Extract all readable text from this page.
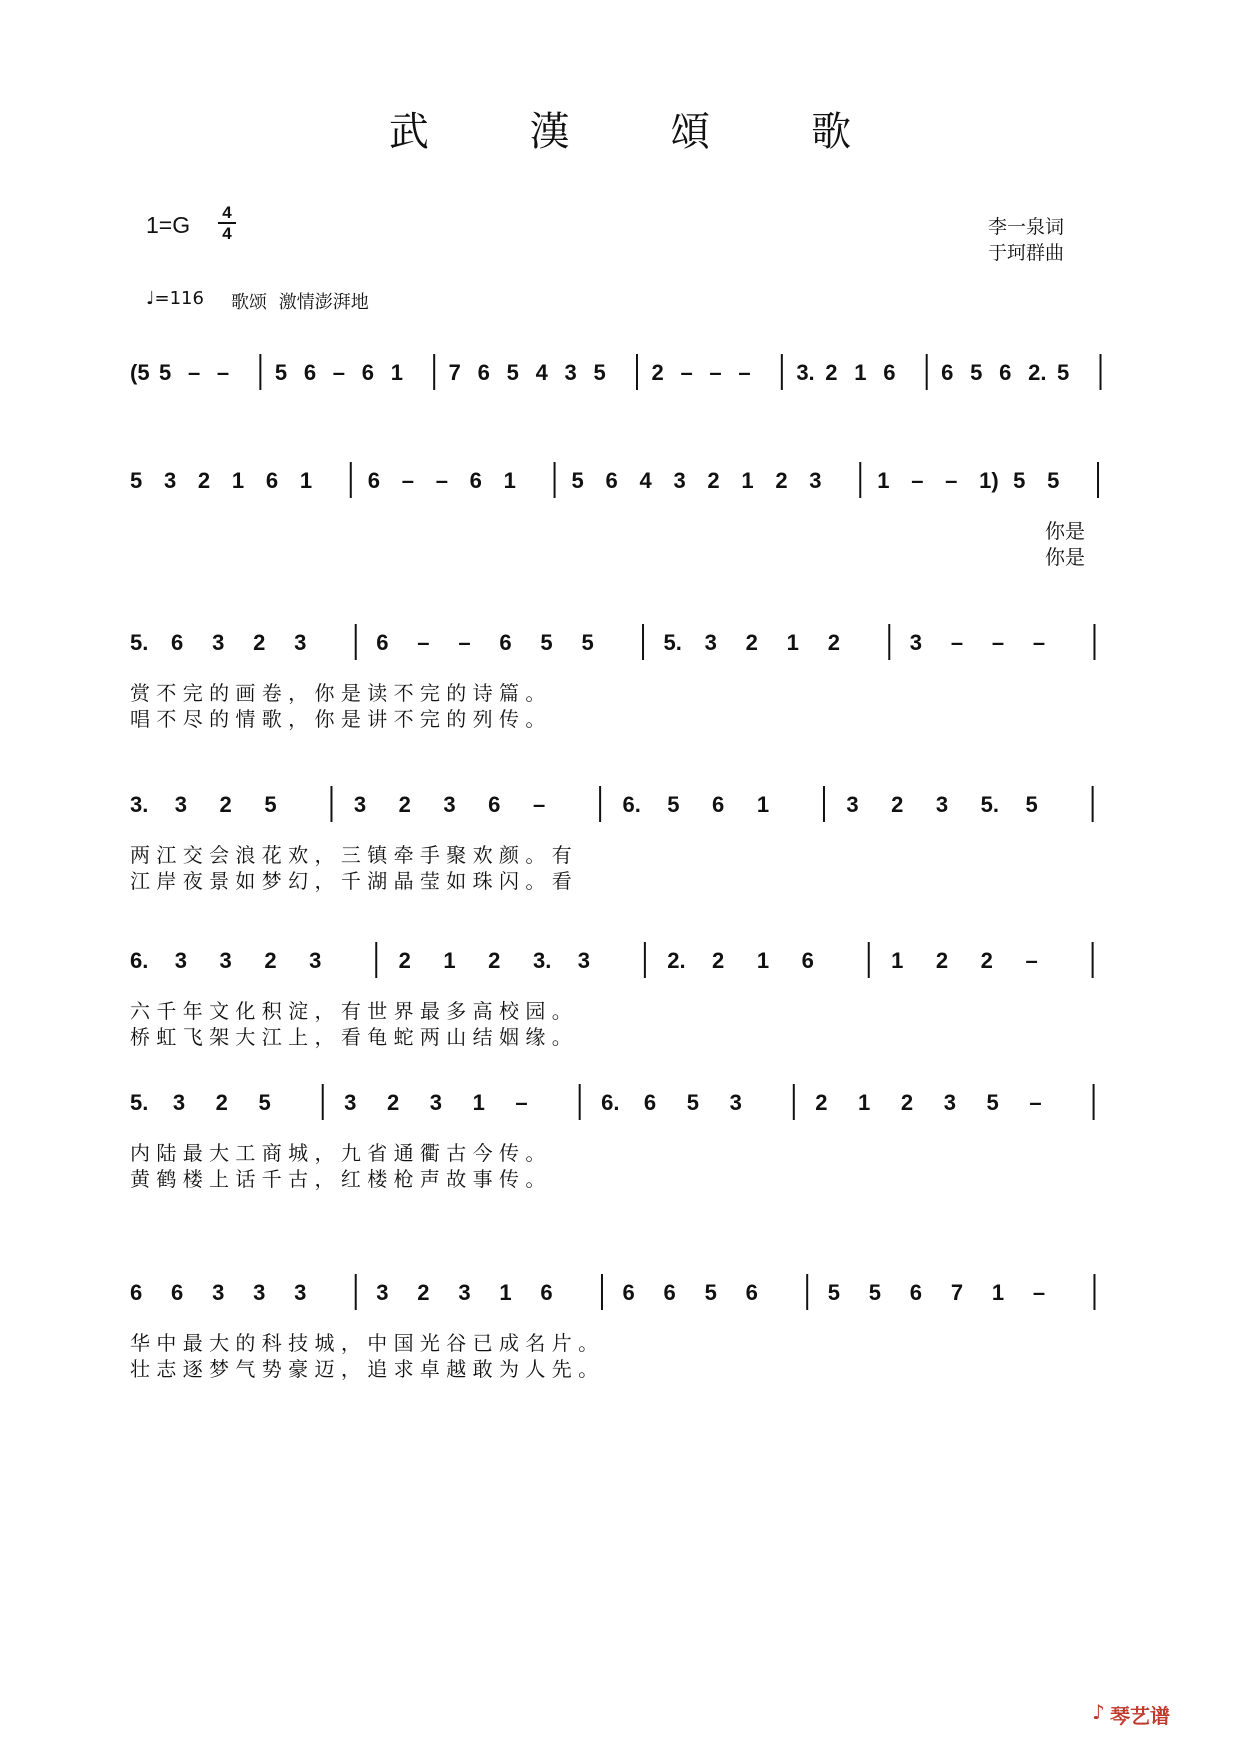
武 漢 頌 歌
1=G 4
4	李一泉词
于珂群曲
♩=116 歌颂 激情澎湃地
(5 5 – – 5 6 – 6 1 7 6 5 4 3 5 2 – – – 3. 2 1 6 6 5 6 2. 5
5 3 2 1 6 1	6 – – 6 1	5 6 4 3 2 1 2 3	1 – – 1) 5 5
你是
你是
5. 6 3 2 3	6 – – 6 5 5	5. 3 2 1 2	3 – – –
赏 不 完 的 画 卷 ， 你 是 读 不 完 的 诗 篇 。
唱 不 尽 的 情 歌 ， 你 是 讲 不 完 的 列 传 。
3. 3 2 5	3 2 3 6 –	6. 5 6 1	3 2 3 5. 5
两 江 交 会 浪 花 欢 ， 三 镇 牵 手 聚 欢 颜 。 有
江 岸 夜 景 如 梦 幻 ， 千 湖 晶 莹 如 珠 闪 。 看
6. 3 3 2 3	2 1 2 3. 3	2. 2 1 6	1 2 2 –
六 千 年 文 化 积 淀 ， 有 世 界 最 多 高 校 园 。
桥 虹 飞 架 大 江 上 ， 看 龟 蛇 两 山 结 姻 缘 。
5. 3 2 5	3 2 3 1 –	6. 6 5 3	2 1 2 3 5 –
内 陆 最 大 工 商 城 ， 九 省 通 衢 古 今 传 。
黄 鹤 楼 上 话 千 古 ， 红 楼 枪 声 故 事 传 。
6 6 3 3 3	3 2 3 1 6	6 6 5 6	5 5 6 7 1 –
华 中 最 大 的 科 技 城 ， 中 国 光 谷 已 成 名 片 。
壮 志 逐 梦 气 势 豪 迈 ， 追 求 卓 越 敢 为 人 先 。
♪ 琴艺谱
